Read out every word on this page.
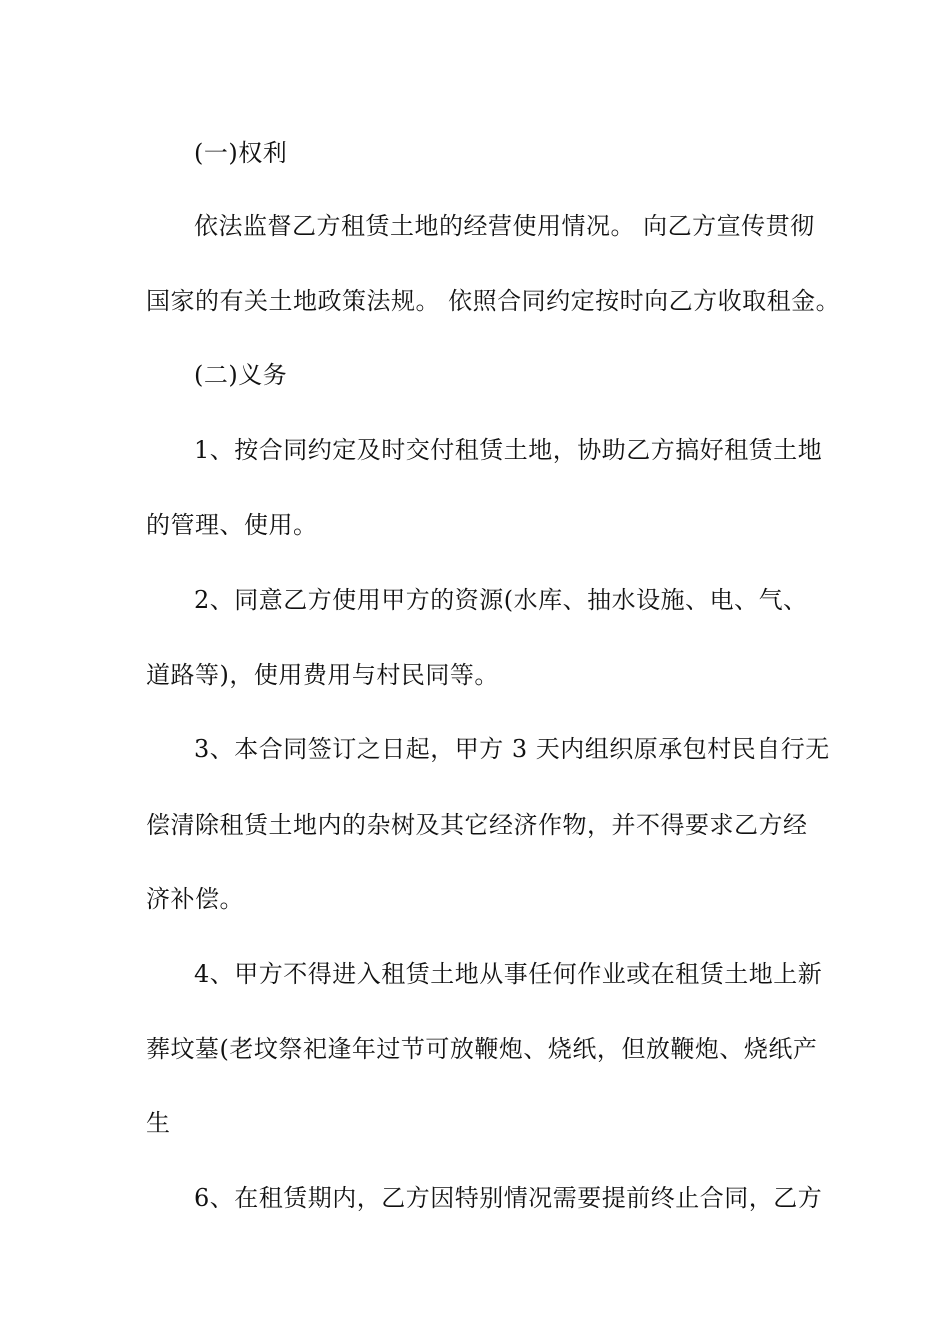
(一)权利
依法监督乙方租赁土地的经营使用情况。 向乙方宣传贯彻
国家的有关土地政策法规。 依照合同约定按时向乙方收取租金。
(二)义务
1、按合同约定及时交付租赁土地，协助乙方搞好租赁土地
的管理、使用。
2、同意乙方使用甲方的资源(水库、抽水设施、电、气、
道路等)，使用费用与村民同等。
3、本合同签订之日起，甲方 3 天内组织原承包村民自行无
偿清除租赁土地内的杂树及其它经济作物，并不得要求乙方经
济补偿。
4、甲方不得进入租赁土地从事任何作业或在租赁土地上新
葬坟墓(老坟祭祀逢年过节可放鞭炮、烧纸，但放鞭炮、烧纸产
生
6、在租赁期内，乙方因特别情况需要提前终止合同，乙方
